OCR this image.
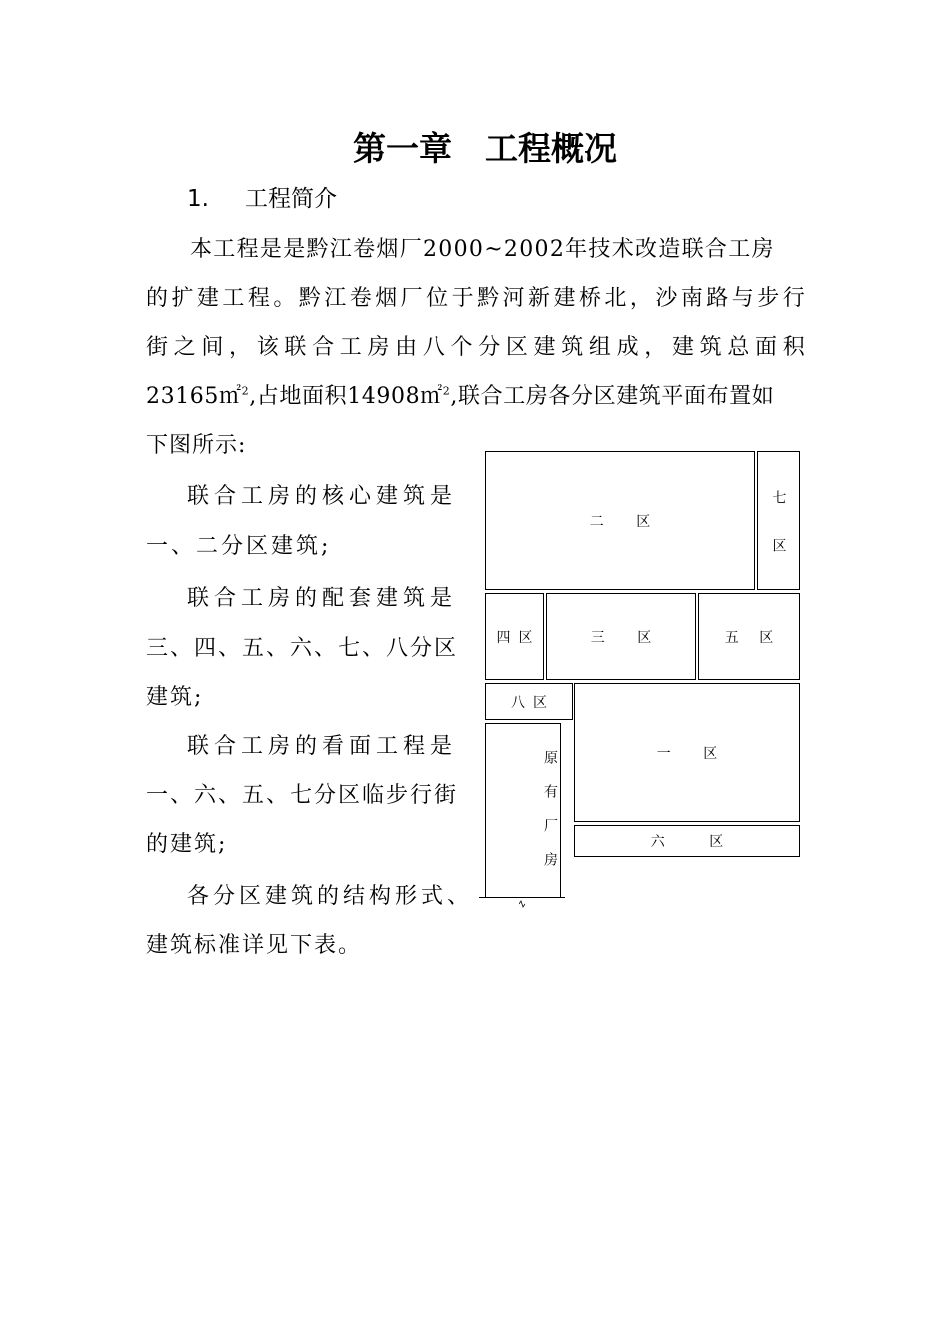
第一章　工程概况
1. 工程简介
本工程是是黔江卷烟厂2000~2002年技术改造联合工房
的扩建工程。黔江卷烟厂位于黔河新建桥北，沙南路与步行
街之间，该联合工房由八个分区建筑组成，建筑总面积
23165㎡$^2$,占地面积14908㎡$^2$,联合工房各分区建筑平面布置如
下图所示:
联合工房的核心建筑是
一、二分区建筑;
联合工房的配套建筑是
三、四、五、六、七、八分区
建筑;
联合工房的看面工程是
一、六、五、七分区临步行街
的建筑;
各分区建筑的结构形式、
建筑标准详见下表。
二 区	七区
四区	三 区	五 区
八区
一 区
原有厂房	六 区
